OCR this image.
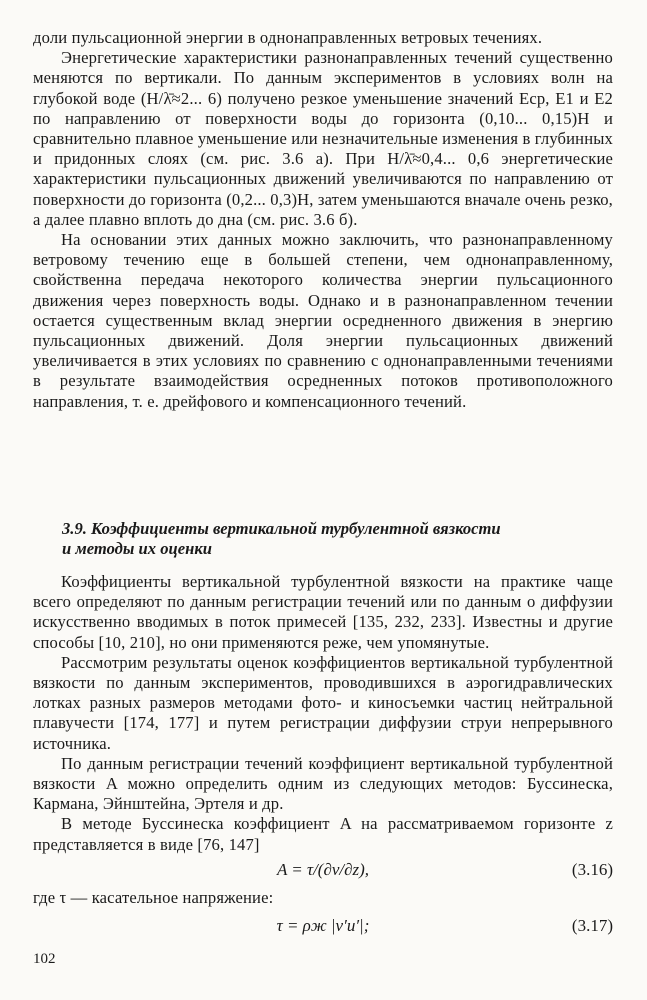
доли пульсационной энергии в однонаправленных ветровых течениях.

Энергетические характеристики разнонаправленных течений существенно меняются по вертикали. По данным экспериментов в условиях волн на глубокой воде (H/λ̄≈2... 6) получено резкое уменьшение значений Eср, E1 и E2 по направлению от поверхности воды до горизонта (0,10... 0,15)H и сравнительно плавное уменьшение или незначительные изменения в глубинных и придонных слоях (см. рис. 3.6 а). При H/λ̄≈0,4... 0,6 энергетические характеристики пульсационных движений увеличиваются по направлению от поверхности до горизонта (0,2... 0,3)H, затем уменьшаются вначале очень резко, а далее плавно вплоть до дна (см. рис. 3.6 б).

На основании этих данных можно заключить, что разнонаправленному ветровому течению еще в большей степени, чем однонаправленному, свойственна передача некоторого количества энергии пульсационного движения через поверхность воды. Однако и в разнонаправленном течении остается существенным вклад энергии осредненного движения в энергию пульсационных движений. Доля энергии пульсационных движений увеличивается в этих условиях по сравнению с однонаправленными течениями в результате взаимодействия осредненных потоков противоположного направления, т. е. дрейфового и компенсационного течений.

3.9. Коэффициенты вертикальной турбулентной вязкости
и методы их оценки

Коэффициенты вертикальной турбулентной вязкости на практике чаще всего определяют по данным регистрации течений или по данным о диффузии искусственно вводимых в поток примесей [135, 232, 233]. Известны и другие способы [10, 210], но они применяются реже, чем упомянутые.

Рассмотрим результаты оценок коэффициентов вертикальной турбулентной вязкости по данным экспериментов, проводившихся в аэрогидравлических лотках разных размеров методами фото- и киносъемки частиц нейтральной плавучести [174, 177] и путем регистрации диффузии струи непрерывного источника.

По данным регистрации течений коэффициент вертикальной турбулентной вязкости A можно определить одним из следующих методов: Буссинеска, Кармана, Эйнштейна, Эртеля и др.

В методе Буссинеска коэффициент A на рассматриваемом горизонте z представляется в виде [76, 147]

A = τ/(∂v/∂z),	(3.16)

где τ — касательное напряжение:

τ = ρж |v′u′|;	(3.17)
102
